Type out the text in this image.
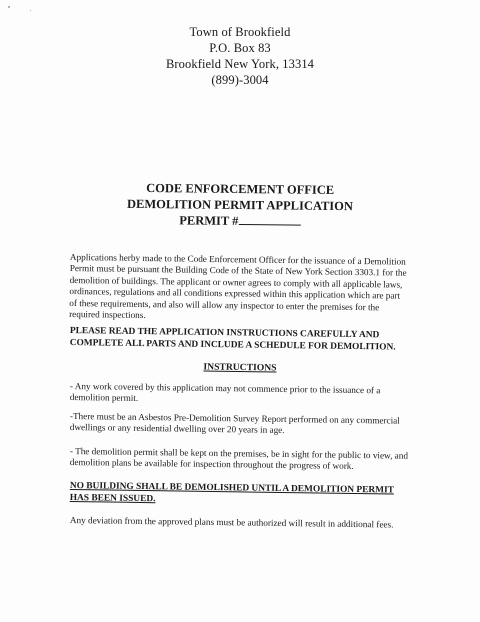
Town of Brookfield
P.O. Box 83
Brookfield New York, 13314
(899)-3004
CODE ENFORCEMENT OFFICE
DEMOLITION PERMIT APPLICATION
PERMIT #
Applications herby made to the Code Enforcement Officer for the issuance of a Demolition Permit must be pursuant the Building Code of the State of New York Section 3303.1 for the demolition of buildings. The applicant or owner agrees to comply with all applicable laws, ordinances, regulations and all conditions expressed within this application which are part of these requirements, and also will allow any inspector to enter the premises for the required inspections.
PLEASE READ THE APPLICATION INSTRUCTIONS CAREFULLY AND COMPLETE ALL PARTS AND INCLUDE A SCHEDULE FOR DEMOLITION.
INSTRUCTIONS
- Any work covered by this application may not commence prior to the issuance of a demolition permit.
-There must be an Asbestos Pre-Demolition Survey Report performed on any commercial dwellings or any residential dwelling over 20 years in age.
- The demolition permit shall be kept on the premises, be in sight for the public to view, and demolition plans be available for inspection throughout the progress of work.
NO BUILDING SHALL BE DEMOLISHED UNTIL A DEMOLITION PERMIT HAS BEEN ISSUED.
Any deviation from the approved plans must be authorized will result in additional fees.
